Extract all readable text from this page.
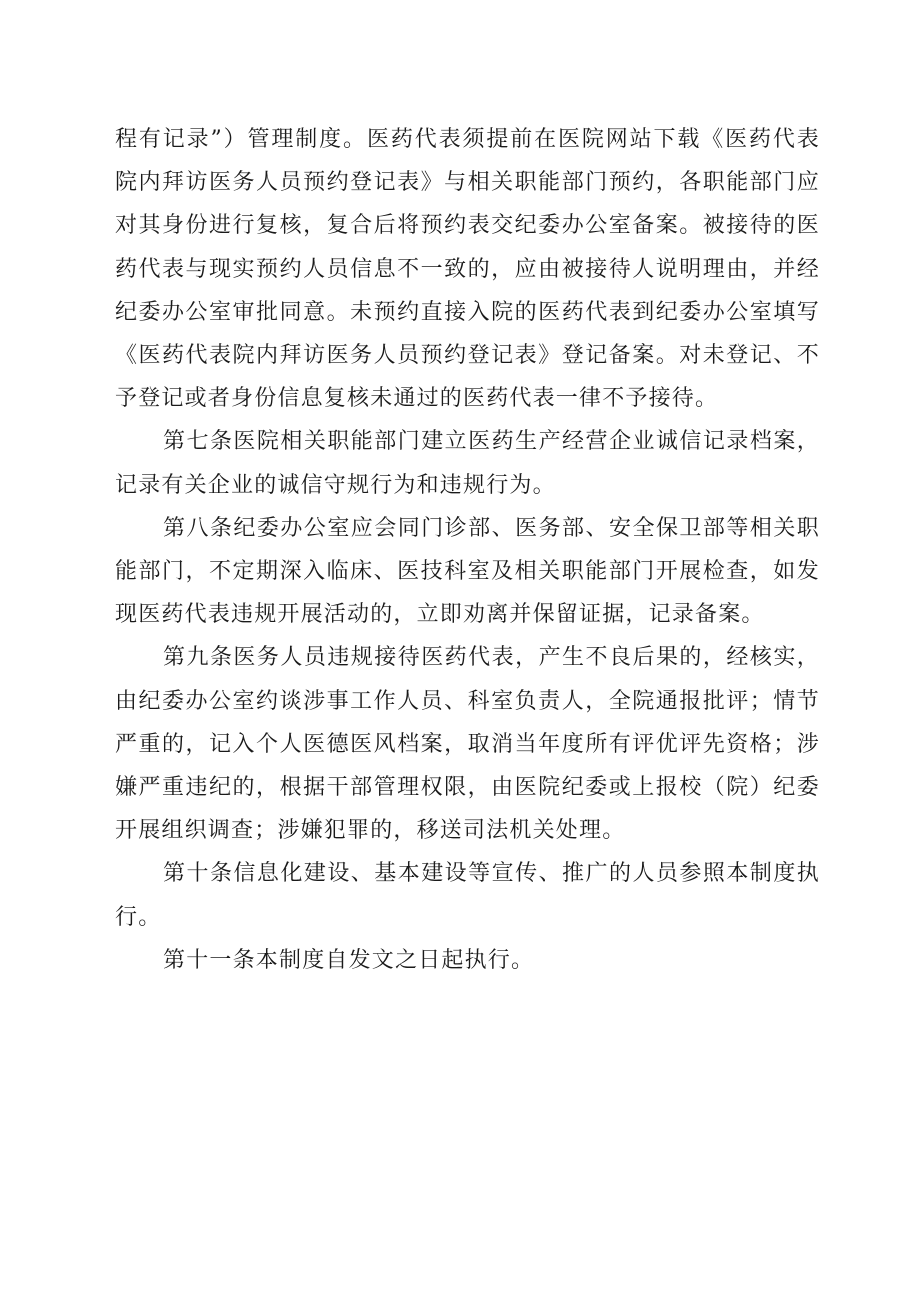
程有记录”）管理制度。医药代表须提前在医院网站下载《医药代表院内拜访医务人员预约登记表》与相关职能部门预约，各职能部门应对其身份进行复核，复合后将预约表交纪委办公室备案。被接待的医药代表与现实预约人员信息不一致的，应由被接待人说明理由，并经纪委办公室审批同意。未预约直接入院的医药代表到纪委办公室填写《医药代表院内拜访医务人员预约登记表》登记备案。对未登记、不予登记或者身份信息复核未通过的医药代表一律不予接待。

第七条医院相关职能部门建立医药生产经营企业诚信记录档案，记录有关企业的诚信守规行为和违规行为。

第八条纪委办公室应会同门诊部、医务部、安全保卫部等相关职能部门，不定期深入临床、医技科室及相关职能部门开展检查，如发现医药代表违规开展活动的，立即劝离并保留证据，记录备案。

第九条医务人员违规接待医药代表，产生不良后果的，经核实，由纪委办公室约谈涉事工作人员、科室负责人，全院通报批评；情节严重的，记入个人医德医风档案，取消当年度所有评优评先资格；涉嫌严重违纪的，根据干部管理权限，由医院纪委或上报校（院）纪委开展组织调查；涉嫌犯罪的，移送司法机关处理。

第十条信息化建设、基本建设等宣传、推广的人员参照本制度执行。

第十一条本制度自发文之日起执行。
